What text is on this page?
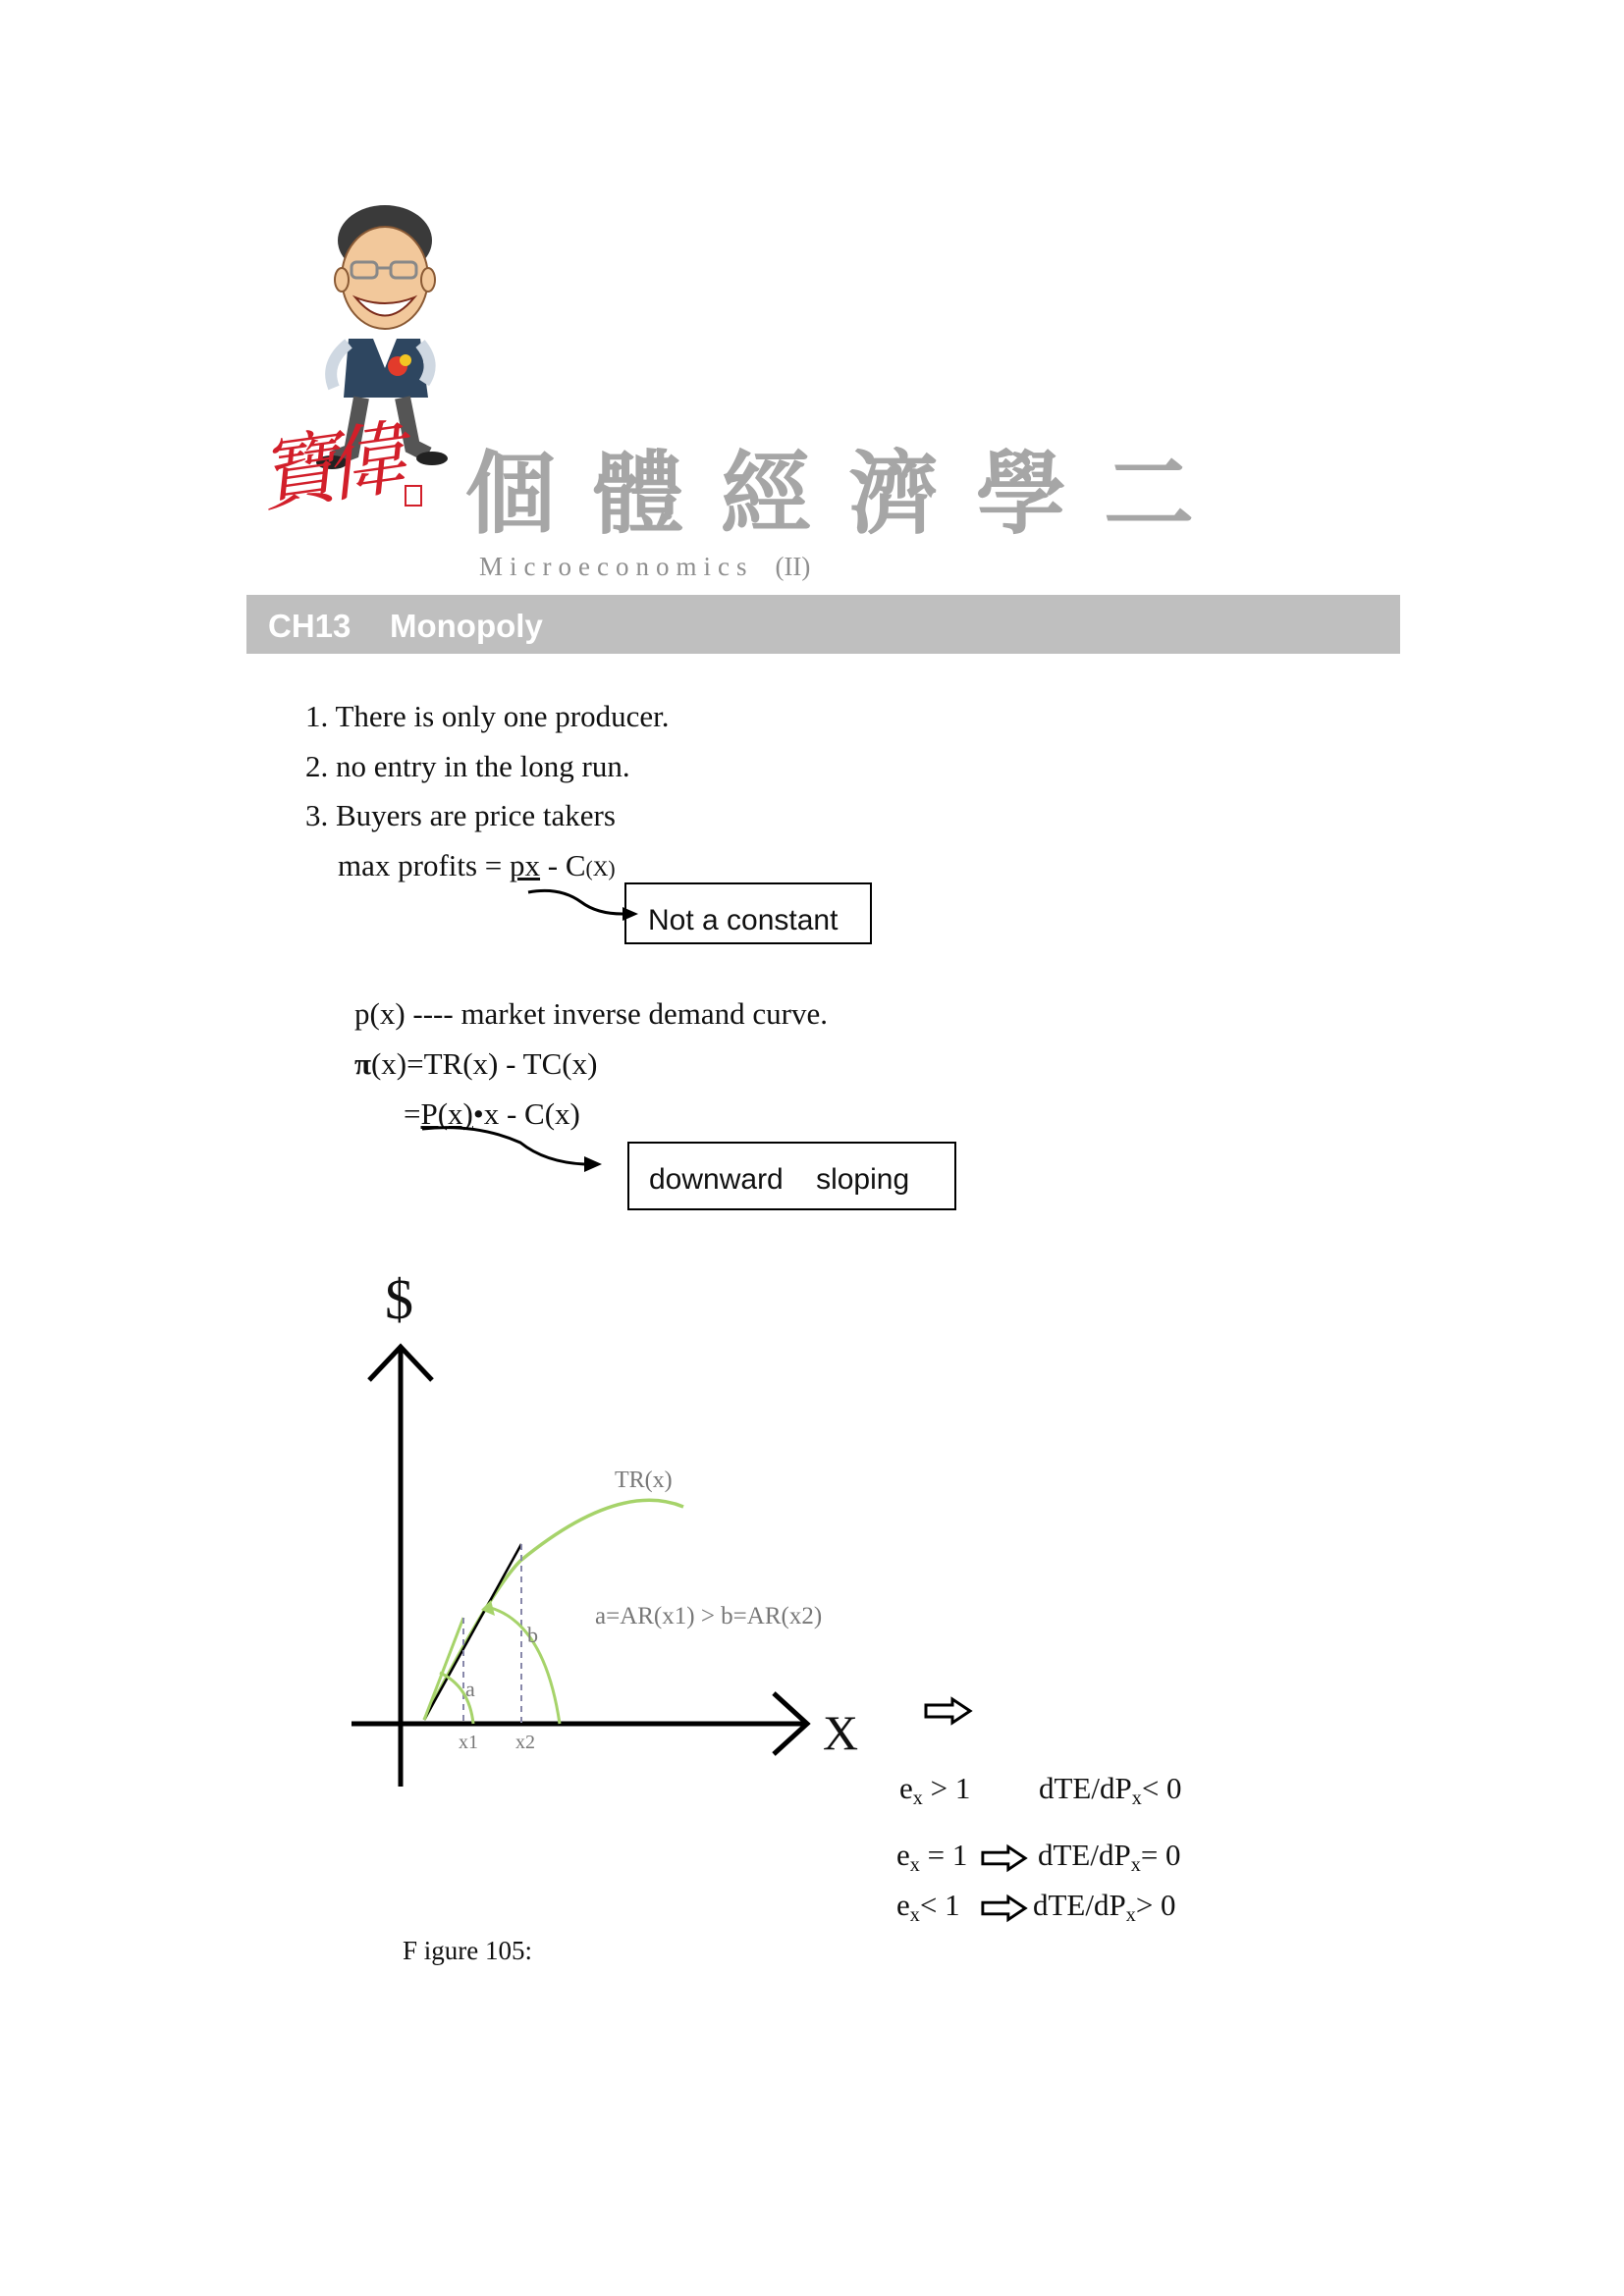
寶偉 個體經濟學二
Microeconomics (II)
CH13 Monopoly
1. There is only one producer.
2. no entry in the long run.
3. Buyers are price takers
max profits = px - C(X)
Not a constant
p(x) ---- market inverse demand curve.
π(x)=TR(x) - TC(x)
=P(x)•x - C(x)
downward    sloping
$
X
TR(x)
a=AR(x1) > b=AR(x2)
a
b
x1 x2
$e_x > 1$ dTE/$dP_x< 0$
$e_x = 1$ dTE/$dP_x= 0$
$e_x< 1$ dTE/$dP_x> 0$
F igure 105:
